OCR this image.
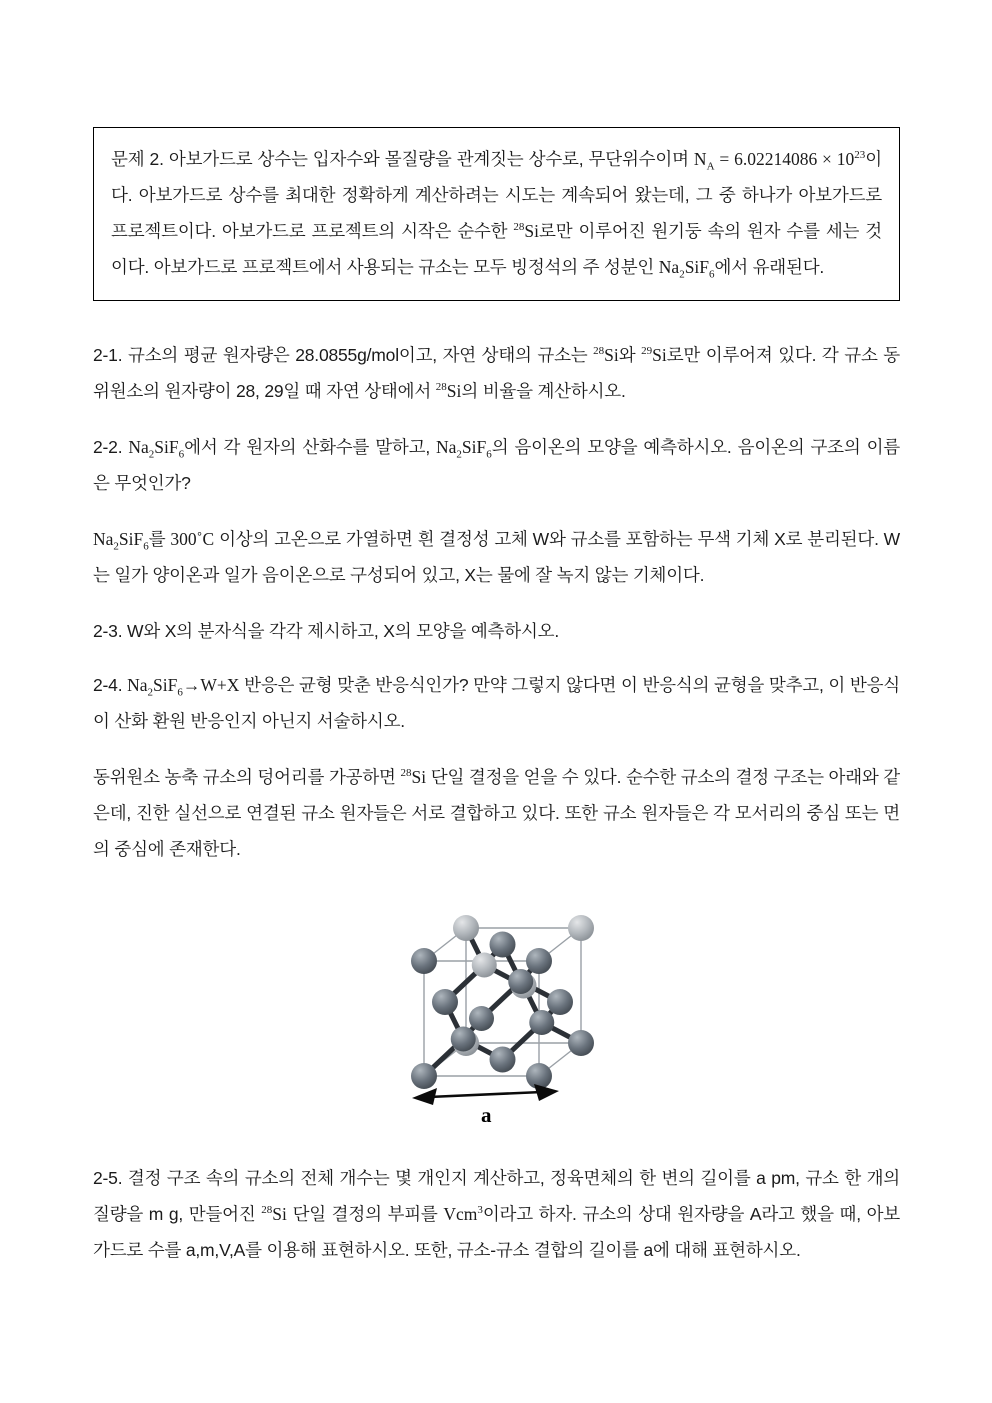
문제 2. 아보가드로 상수는 입자수와 몰질량을 관계짓는 상수로, 무단위수이며 $N_A = 6.02214086 \times 10^{23}$이다. 아보가드로 상수를 최대한 정확하게 계산하려는 시도는 계속되어 왔는데, 그 중 하나가 아보가드로 프로젝트이다. 아보가드로 프로젝트의 시작은 순수한 $^{28}$Si로만 이루어진 원기둥 속의 원자 수를 세는 것이다. 아보가드로 프로젝트에서 사용되는 규소는 모두 빙정석의 주 성분인 $Na_2SiF_6$에서 유래된다.

2-1. 규소의 평균 원자량은 28.0855g/mol이고, 자연 상태의 규소는 $^{28}$Si와 $^{29}$Si로만 이루어져 있다. 각 규소 동위원소의 원자량이 28, 29일 때 자연 상태에서 $^{28}$Si의 비율을 계산하시오.

2-2. $Na_2SiF_6$에서 각 원자의 산화수를 말하고, $Na_2SiF_6$의 음이온의 모양을 예측하시오. 음이온의 구조의 이름은 무엇인가?

$Na_2SiF_6$를 300˚C 이상의 고온으로 가열하면 흰 결정성 고체 W와 규소를 포함하는 무색 기체 X로 분리된다. W는 일가 양이온과 일가 음이온으로 구성되어 있고, X는 물에 잘 녹지 않는 기체이다.

2-3. W와 X의 분자식을 각각 제시하고, X의 모양을 예측하시오.

2-4. $Na_2SiF_6\to W+X$ 반응은 균형 맞춘 반응식인가? 만약 그렇지 않다면 이 반응식의 균형을 맞추고, 이 반응식이 산화 환원 반응인지 아닌지 서술하시오.

동위원소 농축 규소의 덩어리를 가공하면 $^{28}$Si 단일 결정을 얻을 수 있다. 순수한 규소의 결정 구조는 아래와 같은데, 진한 실선으로 연결된 규소 원자들은 서로 결합하고 있다. 또한 규소 원자들은 각 모서리의 중심 또는 면의 중심에 존재한다.

a

2-5. 결정 구조 속의 규소의 전체 개수는 몇 개인지 계산하고, 정육면체의 한 변의 길이를 a pm, 규소 한 개의 질량을 m g, 만들어진 $^{28}$Si 단일 결정의 부피를 Vcm$^3$이라고 하자. 규소의 상대 원자량을 A라고 했을 때, 아보가드로 수를 a,m,V,A를 이용해 표현하시오. 또한, 규소-규소 결합의 길이를 a에 대해 표현하시오.
